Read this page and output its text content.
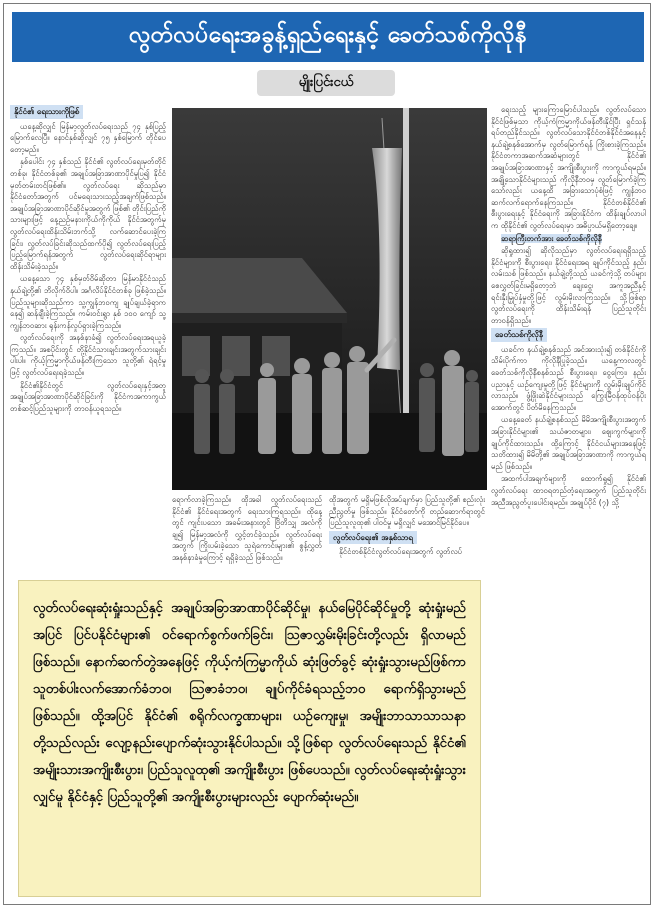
လွတ်လပ်ရေးအခွန့်ရှည်ရေးနှင့် ခေတ်သစ်ကိုလိုနီ
မျိုးပြင်းငယ်
နိုင်ငံ၏ ရေးသားကိုဖြစ်

ယနေ့ဆိုလျှင် မြန်မာ့လွတ်လပ်ရေးသည် ၇၄ နှစ်ပြည့်မြောက်လေပြီ။ နောင်နှစ်ဆိုလျှင် ၇၅ နှစ်မြောက် တိုင်ပေတော့မည်။

နှစ်ပေါင်း ၇၄ နှစ်သည် နိုင်ငံ၏ လွတ်လပ်ရေးမှတ်တိုင်တစ်ခု၊ နိုင်ငံတစ်ခု၏ အချုပ်အခြာအာဏာပိုင်မှုပြ၍ နိုင်ငံမှတ်တမ်းတင်ဖြစ်၏။ လွတ်လပ်ရေး ဆိုသည်မှာ နိုင်ငံတော်အတွက် ပင်မရေးသားသည့်အချက်ဖြစ်သည်။ အချုပ်အခြာအာဏာပိုင်ဆိုင်မှုအတွက် ဖြစ်၏ တိုင်းပြည်ကို သားများဖြင့် နေ့ညဉ်မနားကိုယ်ကိုကိုယ် နိုင်ငံအတွက်မှ လွတ်လပ်ရေးထိန်းသိမ်းဘက်သို့ လက်ဆောင်ပေးခဲ့ကြခြင်း၊ လွတ်လပ်ခြင်းဆိုသည်ထက်ပို၍ လွတ်လပ်ရေးပြည့်ပြည့်မြောက်ရန်အတွက် လွတ်လပ်ရေးဆိုင်ရာများ ထိန်းသိမ်းခဲ့သည်။

ယနေ့သော ၇၄ နှစ်မှတ်ဝိမ်ဆိုတာ မြန်မာနိုင်ငံသည် နယ်ချဲ့တို့၏ ဘိလိုက်ဝိပါ။ အင်္ဂလိပ်နိုင်ငံတစ်ခု ဖြစ်ခဲ့သည်။ ပြည်သူများဆိုသည်ကာ သူ့ကျွန်ဘဝကျ ချုပ်ချယ်ခဲ့ရာကနေ၍ ဆန်ချီးခဲ့ကြသည်။ ကမ်းဝင်းရွာ နှစ် ၁၀၀ ကျော် သူ့ကျွန်ဘဝဆား ရုန်းကန်လှုပ်ရှားခဲ့ကြသည်။

လွတ်လပ်ရေးကို အနစ်နာခံ၍ လွတ်လပ်ရေးအရယူခဲ့ကြသည်။ အစပိုင်းတွင် တို့နိုင်ငံသားချင်းအတွက်သားချင်းပါးပါ။ ကိုယ့်ကြမ္မာကိုယ်ဖန်တီးကြသော သူတို့၏ ရဲရင့်မှုဖြင့် လွတ်လပ်ရေးရခဲ့သည်။

နိုင်ငံ၏နိုင်ငံတွင် လွတ်လပ်ရေးနှင့်အတူ အချုပ်အခြာအာဏာပိုင်ဆိုင်ခြင်းကို နိုင်ငံကအကာကွယ် တစ်ဆင့်ပြည်သူများကို တာဝန်ယူရသည်။

ရေးသည့် များကြောမြောင်ပါသည်။ လွတ်လပ်သော နိုင်ငံဖြစ်မှသာ ကိုယ့်ကံကြမ္မာကိုယ်ဖန်တီးနိုင်ပြီး ရှင်သန်ရပ်တည်နိုင်သည်။ လွတ်လပ်သောနိုင်ငံတစ်နိုင်ငံအနေနှင့် နယ်ချဲ့စနစ်အောက်မှ လွတ်မြောက်ရန် ကြိုးစားခဲ့ကြသည်။ နိုင်ငံတကာအဆက်အဆံများတွင် နိုင်ငံ၏ အချုပ်အခြာအာဏာနှင့် အကျိုးစီးပွားကို ကာကွယ်ရမည်။ အချို့သောနိုင်ငံများသည် ကိုလိုနီဘဝမှ လွတ်မြောက်ခဲ့ကြသော်လည်း ယနေ့ထိ အခြားသောပုံစံဖြင့် ကျွန်ဘဝ ဆက်လက်ရောက်နေကြသည်။ နိုင်ငံတစ်နိုင်ငံ၏ စီးပွားရေးနှင့် နိုင်ငံရေးကို အခြားနိုင်ငံက ထိန်းချုပ်လာပါက ထိုနိုင်ငံ၏ လွတ်လပ်ရေးမှာ အဓိပ္ပာယ်မရှိတော့ချေ။

ဆရာကြီးတက်အား ခေတ်သစ်ကိုလိုနီ

ဆိုရှုထား၍ ဆိုလိုသည်မှာ လွတ်လပ်ရေးရရှိသည့် နိုင်ငံများကို စီးပွားရေး၊ နိုင်ငံရေးအရ ချုပ်ကိုင်သည့် နည်းလမ်းသစ် ဖြစ်သည်။ နယ်ချဲ့တို့သည် ယခင်ကဲ့သို့ တပ်များစေလွှတ်ခြင်းမရှိတော့ဘဲ ချေးငွေ၊ အကူအညီနှင့် ရင်းနှီးမြှုပ်နှံမှုတို့ဖြင့် လွမ်းမိုးလာကြသည်။ သို့ဖြစ်ရာ လွတ်လပ်ရေးကို ထိန်းသိမ်းရန် ပြည်သူတိုင်း တာဝန်ရှိသည်။

ခေတ်သစ်ကိုလိုနီ

ယခင်က နယ်ချဲ့စနစ်သည် အင်အားသုံး၍ တစ်နိုင်ငံကို သိမ်းပိုက်ကာ ကိုလိုနီပြုခဲ့သည်။ ယနေ့ကာလတွင် ခေတ်သစ်ကိုလိုနီစနစ်သည် စီးပွားရေး၊ ငွေကြေး၊ နည်းပညာနှင့် ယဉ်ကျေးမှုတို့ဖြင့် နိုင်ငံများကို လွမ်းမိုးချုပ်ကိုင်လာသည်။ ဖွံ့ဖြိုးဆဲနိုင်ငံများသည် ကြွေးမြီဝန်ထုပ်ဝန်ပိုးအောက်တွင် ပိတ်မိနေကြသည်။

ယနေ့ခေတ် နယ်ချဲ့စနစ်သည် မိမိအကျိုးစီးပွားအတွက် အခြားနိုင်ငံများ၏ သယံဇာတများ၊ ဈေးကွက်များကို ချုပ်ကိုင်ထားသည်။ ထို့ကြောင့် နိုင်ငံငယ်များအနေဖြင့် သတိထား၍ မိမိတို့၏ အချုပ်အခြာအာဏာကို ကာကွယ်ရမည် ဖြစ်သည်။

အထက်ပါအချက်များကို ထောက်ရှု၍ နိုင်ငံ၏ လွတ်လပ်ရေး ထာဝရတည်တံ့ရေးအတွက် ပြည်သူတိုင်း အညီအညွတ်ပူးပေါင်းရမည်။ အချုပ်ပိုင် (၇) သို့

ရောက်လာခဲ့ကြသည်။ ထိုအခါ လွတ်လပ်ရေးသည် နိုင်ငံ၏ နိုင်ငံရေးအတွက် ရေးသားကြရသည်။ ထိုနေ့တွင် ကျင်းပသော အခမ်းအနားတွင် ဗြိတိသျှ အလံကို ချ၍ မြန်မာ့အလံကို လွှင့်တင်ခဲ့သည်။ လွတ်လပ်ရေးအတွက် ကြိုးပမ်းခဲ့သော သူရဲကောင်းများ၏ စွန့်လွှတ်အနစ်နာခံမှုကြောင့် ရရှိခဲ့သည် ဖြစ်သည်။

ထိုအတွက် မရှိမဖြစ်လိုအပ်ချက်မှာ ပြည်သူတို့၏ စည်းလုံးညီညွတ်မှု ဖြစ်သည်။ နိုင်ငံတော်ကို တည်ဆောက်ရာတွင် ပြည်သူလူထု၏ ပါဝင်မှု မရှိလျှင် မအောင်မြင်နိုင်ပေ။

လွတ်လပ်ရေး၏ အနှစ်သာရ

နိုင်ငံတစ်နိုင်ငံလွတ်လပ်ရေးအတွက် လွတ်လပ်

လွတ်လပ်ရေးဆုံးရှုံးသည်နှင့် အချုပ်အခြာအာဏာပိုင်ဆိုင်မှု၊ နယ်မြေပိုင်ဆိုင်မှုတို့ ဆုံးရှုံးမည်အပြင် ပြင်ပနိုင်ငံများ၏ ဝင်ရောက်စွက်ဖက်ခြင်း၊ ဩဇာလွှမ်းမိုးခြင်းတို့လည်း ရှိလာမည်ဖြစ်သည်။ နောက်ဆက်တွဲအနေဖြင့် ကိုယ့်ကံကြမ္မာကိုယ် ဆုံးဖြတ်ခွင့် ဆုံးရှုံးသွားမည်ဖြစ်ကာ သူတစ်ပါးလက်အောက်ခံဘ၀၊ ဩဇာခံဘ၀၊ ချုပ်ကိုင်ခံရသည့်ဘ၀ ရောက်ရှိသွားမည်ဖြစ်သည်။ ထို့အပြင် နိုင်ငံ၏ စရိုက်လက္ခဏာများ၊ ယဉ်ကျေးမှု၊ အမျိုးဘာသာသာသနာတို့သည်လည်း လျော့နည်းပျောက်ဆုံးသွားနိုင်ပါသည်။ သို့ဖြစ်ရာ လွတ်လပ်ရေးသည် နိုင်ငံ၏ အမျိုးသားအကျိုးစီးပွား၊ ပြည်သူလူထု၏ အကျိုးစီးပွား ဖြစ်ပေသည်။ လွတ်လပ်ရေးဆုံးရှုံးသွားလျှင်မူ နိုင်ငံနှင့် ပြည်သူတို့၏ အကျိုးစီးပွားများလည်း ပျောက်ဆုံးမည်။
